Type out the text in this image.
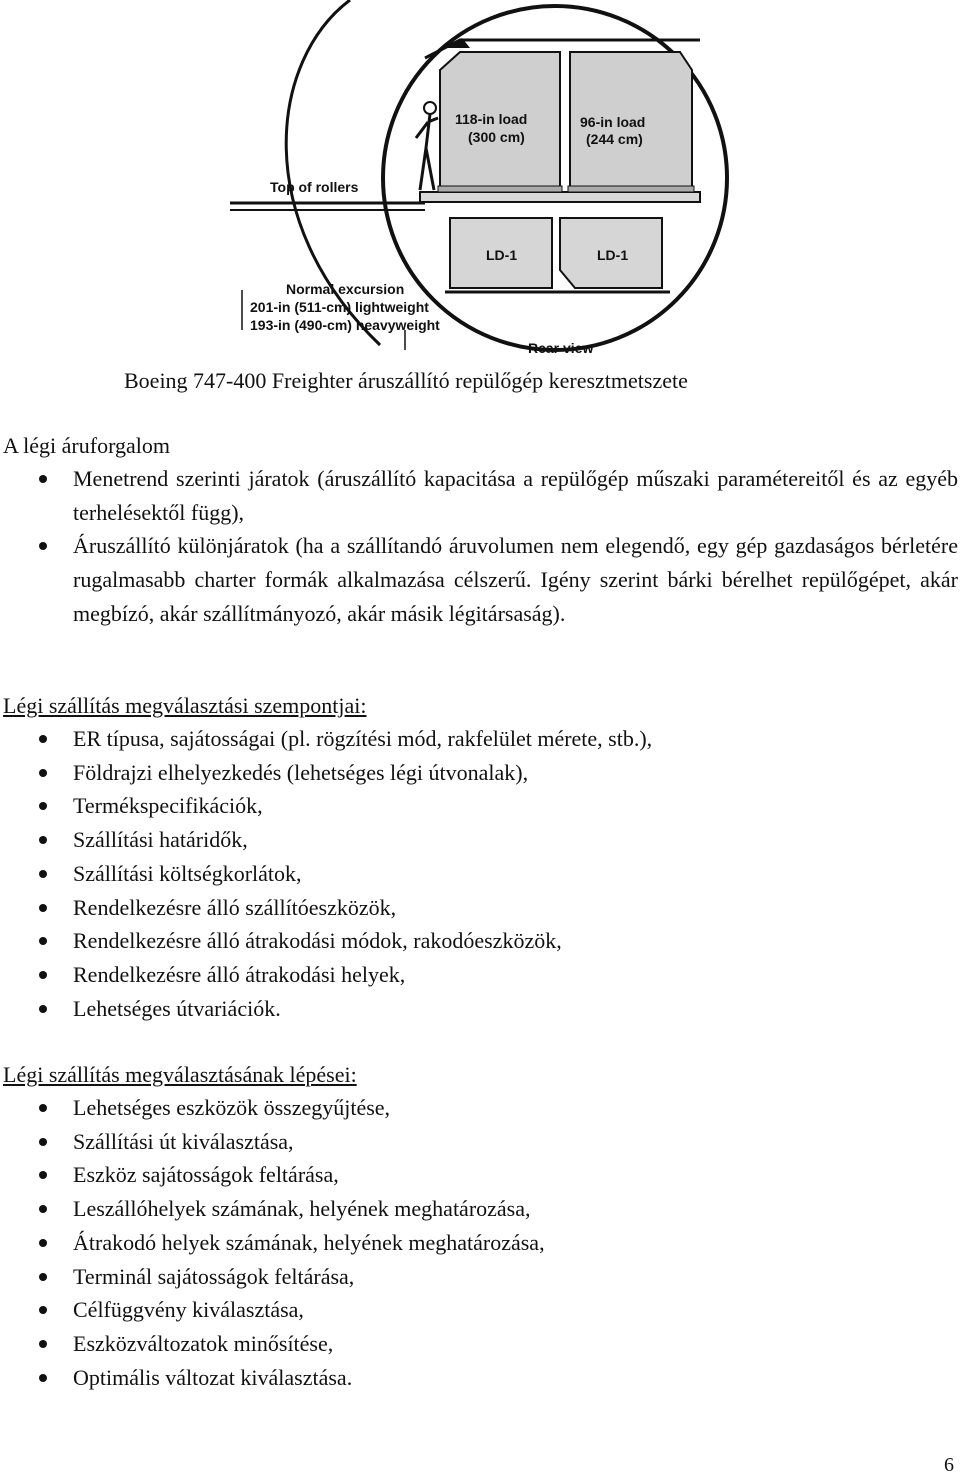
118-in load
(300 cm)
96-in load
(244 cm)
Top of rollers
LD-1	LD-1
Normal excursion
201-in (511-cm) lightweight
193-in (490-cm) heavyweight
Rear view
Boeing 747-400 Freighter áruszállító repülőgép keresztmetszete

A légi áruforgalom

Menetrend szerinti járatok (áruszállító kapacitása a repülőgép műszaki paramétereitől és az egyéb terhelésektől függ),
Áruszállító különjáratok (ha a szállítandó áruvolumen nem elegendő, egy gép gazdaságos bérletére rugalmasabb charter formák alkalmazása célszerű. Igény szerint bárki bérelhet repülőgépet, akár megbízó, akár szállítmányozó, akár másik légitársaság).

Légi szállítás megválasztási szempontjai:

ER típusa, sajátosságai (pl. rögzítési mód, rakfelület mérete, stb.),
Földrajzi elhelyezkedés (lehetséges légi útvonalak),
Termékspecifikációk,
Szállítási határidők,
Szállítási költségkorlátok,
Rendelkezésre álló szállítóeszközök,
Rendelkezésre álló átrakodási módok, rakodóeszközök,
Rendelkezésre álló átrakodási helyek,
Lehetséges útvariációk.

Légi szállítás megválasztásának lépései:

Lehetséges eszközök összegyűjtése,
Szállítási út kiválasztása,
Eszköz sajátosságok feltárása,
Leszállóhelyek számának, helyének meghatározása,
Átrakodó helyek számának, helyének meghatározása,
Terminál sajátosságok feltárása,
Célfüggvény kiválasztása,
Eszközváltozatok minősítése,
Optimális változat kiválasztása.
6
